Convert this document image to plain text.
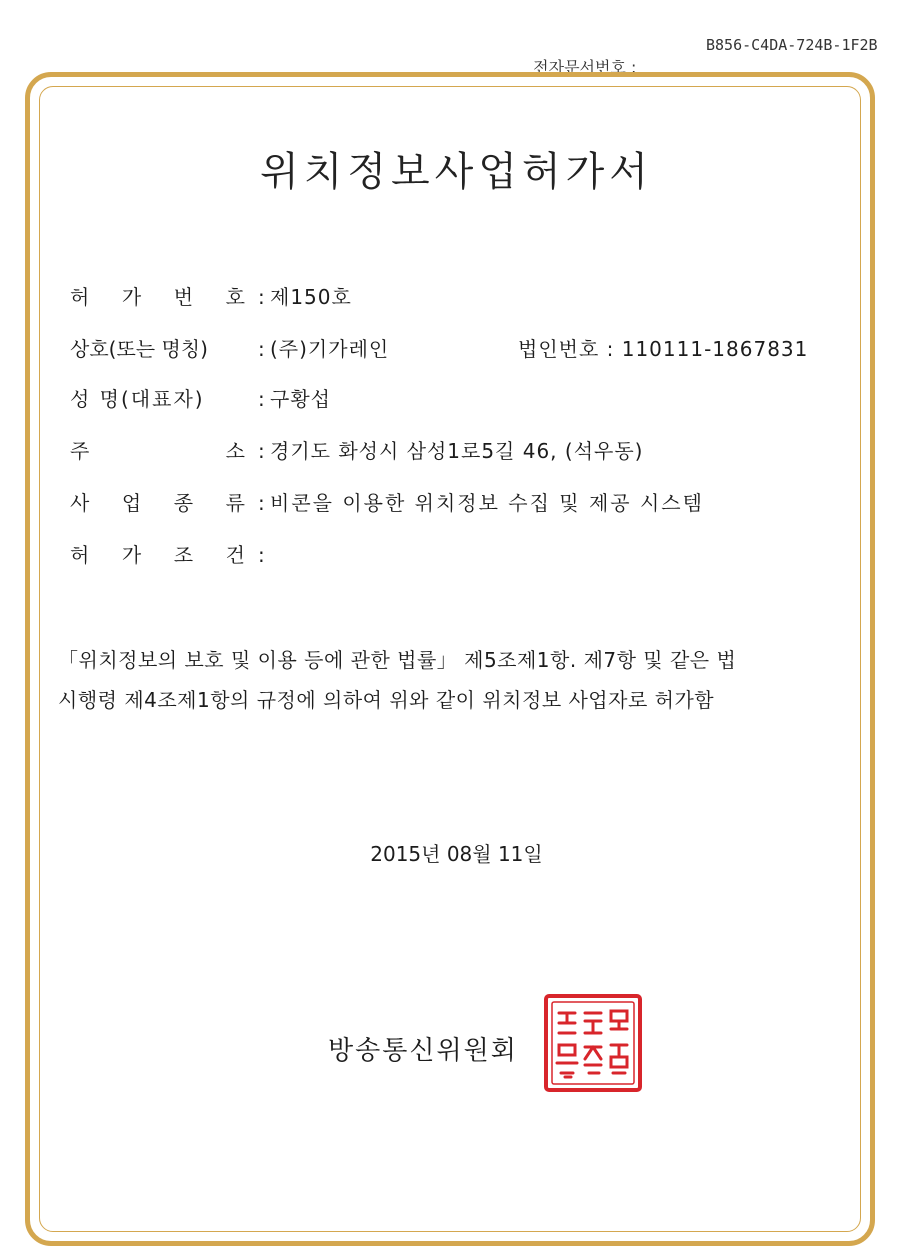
전자문서번호 :

B856-C4DA-724B-1F2B

위치정보사업허가서
허 가 번 호 : 제150호
상호(또는 명칭)	: (주)기가레인	법인번호 : 110111-1867831
성 명(대표자)	: 구황섭
주	소 : 경기도 화성시 삼성1로5길 46, (석우동)
사 업 종 류 : 비콘을 이용한 위치정보 수집 및 제공 시스템
허 가 조 건 :
「위치정보의 보호 및 이용 등에 관한 법률」 제5조제1항. 제7항 및 같은 법
시행령 제4조제1항의 규정에 의하여 위와 같이 위치정보 사업자로 허가함
2015년 08월 11일
방송통신위원회
